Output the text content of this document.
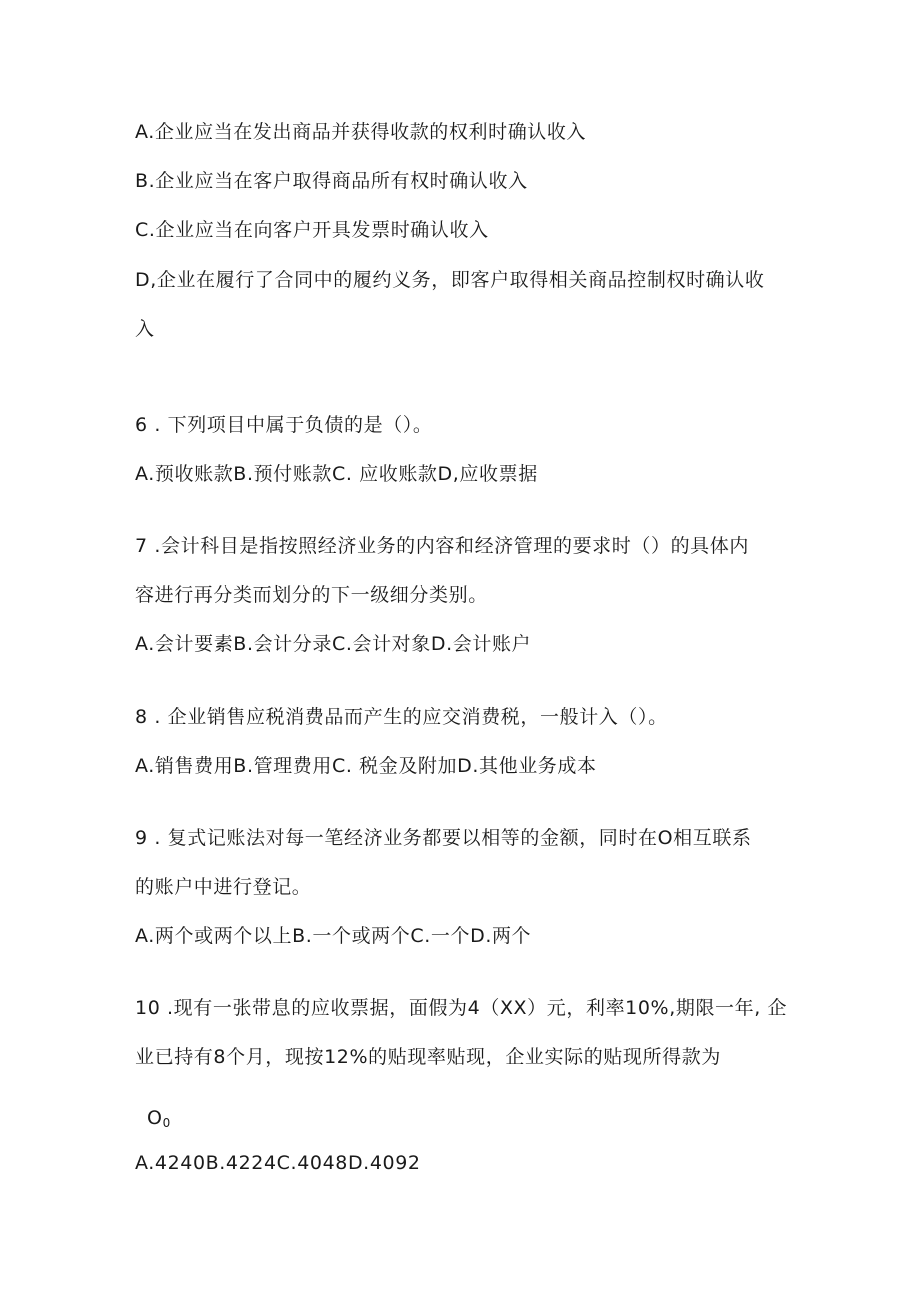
A.企业应当在发出商品并获得收款的权利时确认收入
B.企业应当在客户取得商品所有权时确认收入
C.企业应当在向客户开具发票时确认收入
D,企业在履行了合同中的履约义务，即客户取得相关商品控制权时确认收
入
6 . 下列项目中属于负债的是（）。
A.预收账款B.预付账款C. 应收账款D,应收票据
7 .会计科目是指按照经济业务的内容和经济管理的要求时（）的具体内
容进行再分类而划分的下一级细分类别。
A.会计要素B.会计分录C.会计对象D.会计账户
8 . 企业销售应税消费品而产生的应交消费税，一般计入（）。
A.销售费用B.管理费用C. 税金及附加D.其他业务成本
9 . 复式记账法对每一笔经济业务都要以相等的金额，同时在O相互联系
的账户中进行登记。
A.两个或两个以上B.一个或两个C.一个D.两个
10 .现有一张带息的应收票据，面假为4（XX）元，利率10%,期限一年, 企
业已持有8个月，现按12%的贴现率贴现，企业实际的贴现所得款为
$O_0$
A.4240B.4224C.4048D.4092
